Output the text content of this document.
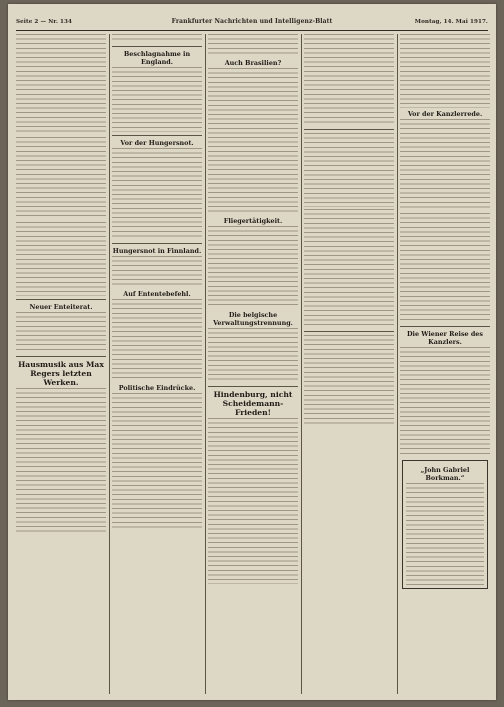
Seite 2 — Nr. 134	Frankfurter Nachrichten und Intelligenz-Blatt	Montag, 14. Mai 1917.
Neuer Enteiterat.
Hausmusik aus Max Regers letzten Werken.
Beschlagnahme in England.
Vor der Hungersnot.
Hungersnot in Finnland.
Auf Ententebefehl.
Politische Eindrücke.
Auch Brasilien?
Fliegertätigkeit.
Die belgische Verwaltungstrennung.
Hindenburg, nicht Scheidemann-Frieden!
Vor der Kanzlerrede.
Die Wiener Reise des Kanzlers.
„John Gabriel Borkman.“
